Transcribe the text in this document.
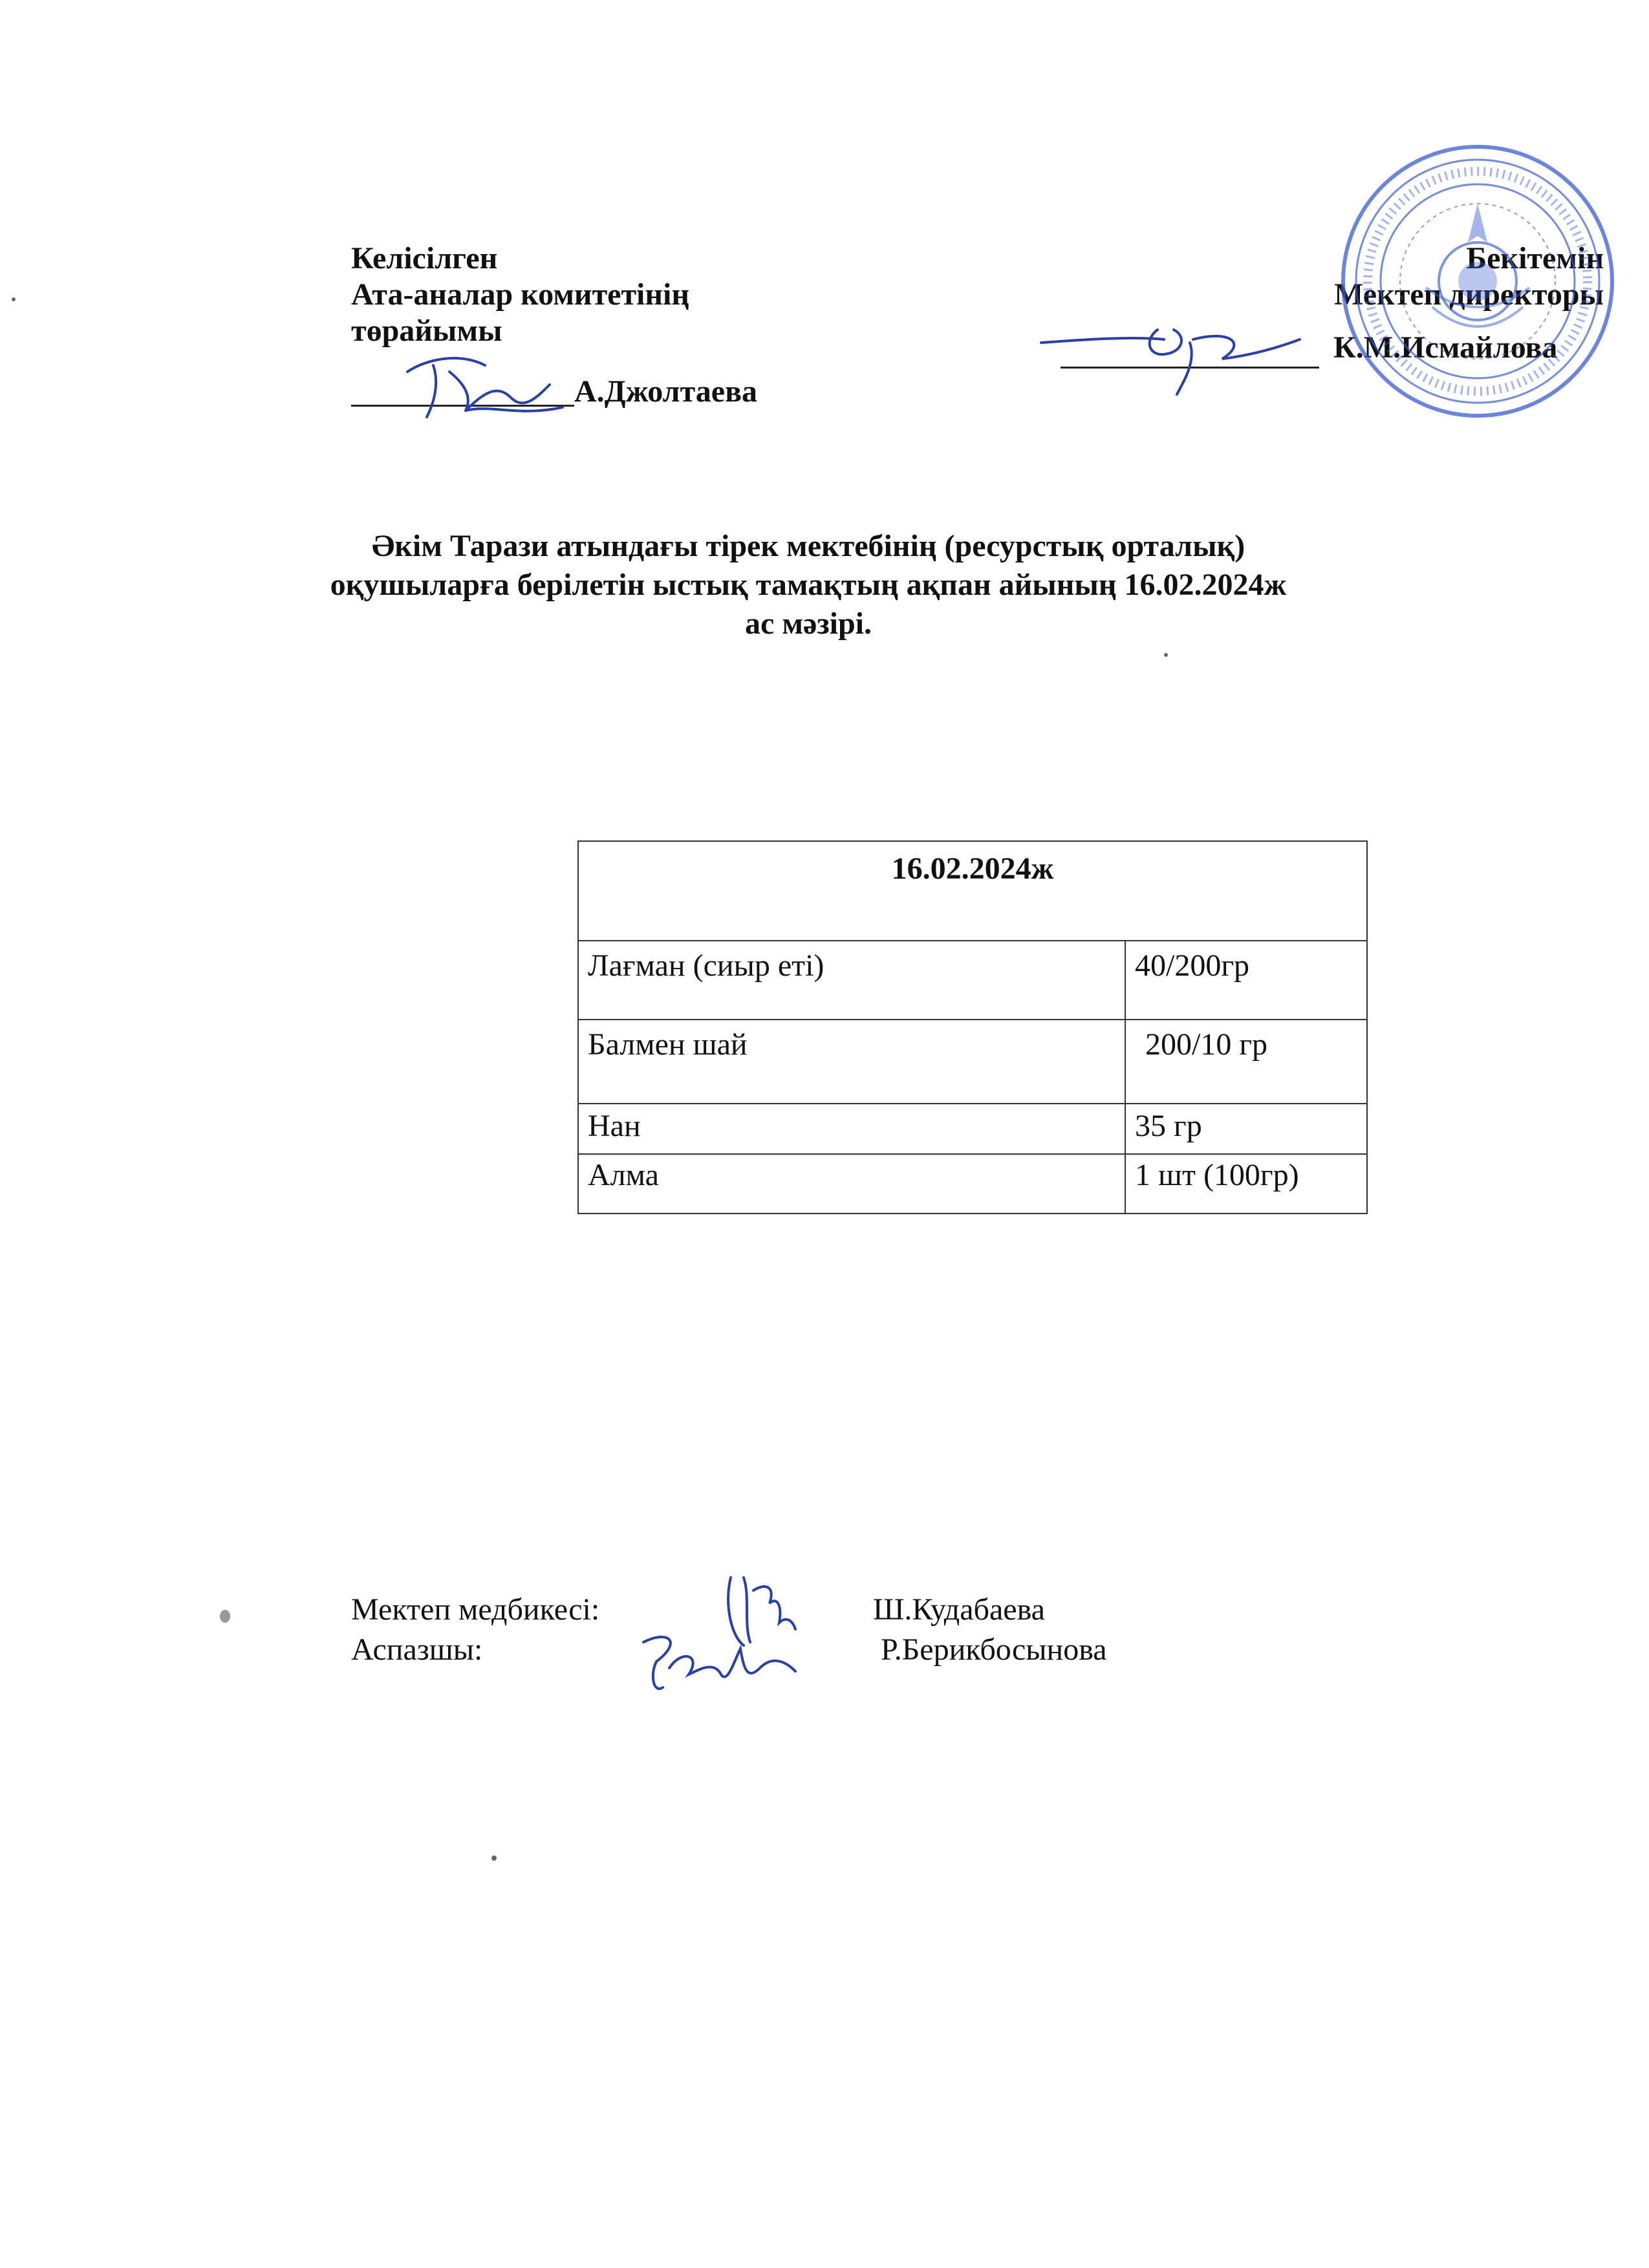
Келісілген
Ата-аналар комитетінің
төрайымы
А.Джолтаева
Бекітемін
Мектеп директоры
К.М.Исмайлова
Әкім Тарази атындағы тірек мектебінің (ресурстық орталық)
оқушыларға берілетін ыстық тамақтың ақпан айының 16.02.2024ж
ас мәзірі.
16.02.2024ж	
Лағман (сиыр еті)	40/200гр
Балмен шай	200/10 гр
Нан	35 гр
Алма	1 шт (100гр)
Мектеп медбикесі:	Ш.Кудабаева
Аспазшы:	Р.Берикбосынова
